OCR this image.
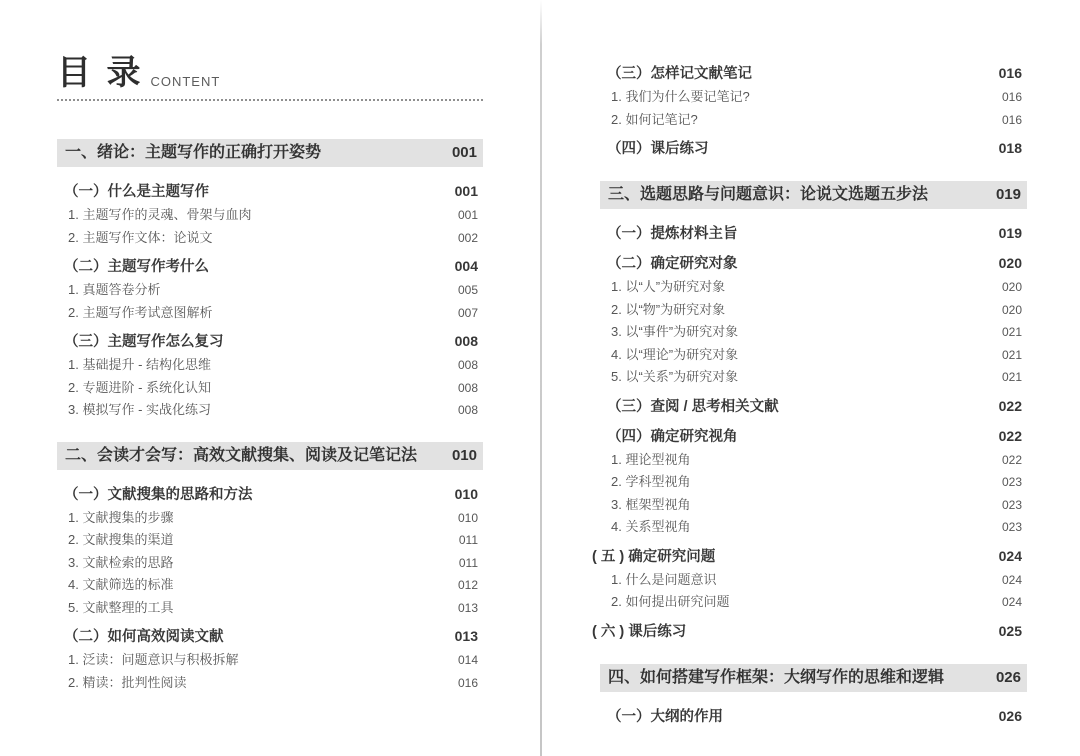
目 录 CONTENT
一、绪论：主题写作的正确打开姿势	001
（一）什么是主题写作	001
1. 主题写作的灵魂、骨架与血肉	001
2. 主题写作文体：论说文	002
（二）主题写作考什么	004
1. 真题答卷分析	005
2. 主题写作考试意图解析	007
（三）主题写作怎么复习	008
1. 基础提升 - 结构化思维	008
2. 专题进阶 - 系统化认知	008
3. 模拟写作 - 实战化练习	008
二、会读才会写：高效文献搜集、阅读及记笔记法 010
（一）文献搜集的思路和方法	010
1. 文献搜集的步骤	010
2. 文献搜集的渠道	011
3. 文献检索的思路	011
4. 文献筛选的标准	012
5. 文献整理的工具	013
（二）如何高效阅读文献	013
1. 泛读：问题意识与积极拆解	014
2. 精读：批判性阅读	016
（三）怎样记文献笔记	016
1. 我们为什么要记笔记?	016
2. 如何记笔记?	016
（四）课后练习	018
三、选题思路与问题意识：论说文选题五步法	019
（一）提炼材料主旨	019
（二）确定研究对象	020
1. 以“人”为研究对象	020
2. 以“物”为研究对象	020
3. 以“事件”为研究对象	021
4. 以“理论”为研究对象	021
5. 以“关系”为研究对象	021
（三）查阅 / 思考相关文献	022
（四）确定研究视角	022
1. 理论型视角	022
2. 学科型视角	023
3. 框架型视角	023
4. 关系型视角	023
( 五 ) 确定研究问题	024
1. 什么是问题意识	024
2. 如何提出研究问题	024
( 六 ) 课后练习	025
四、如何搭建写作框架：大纲写作的思维和逻辑	026
（一）大纲的作用	026
